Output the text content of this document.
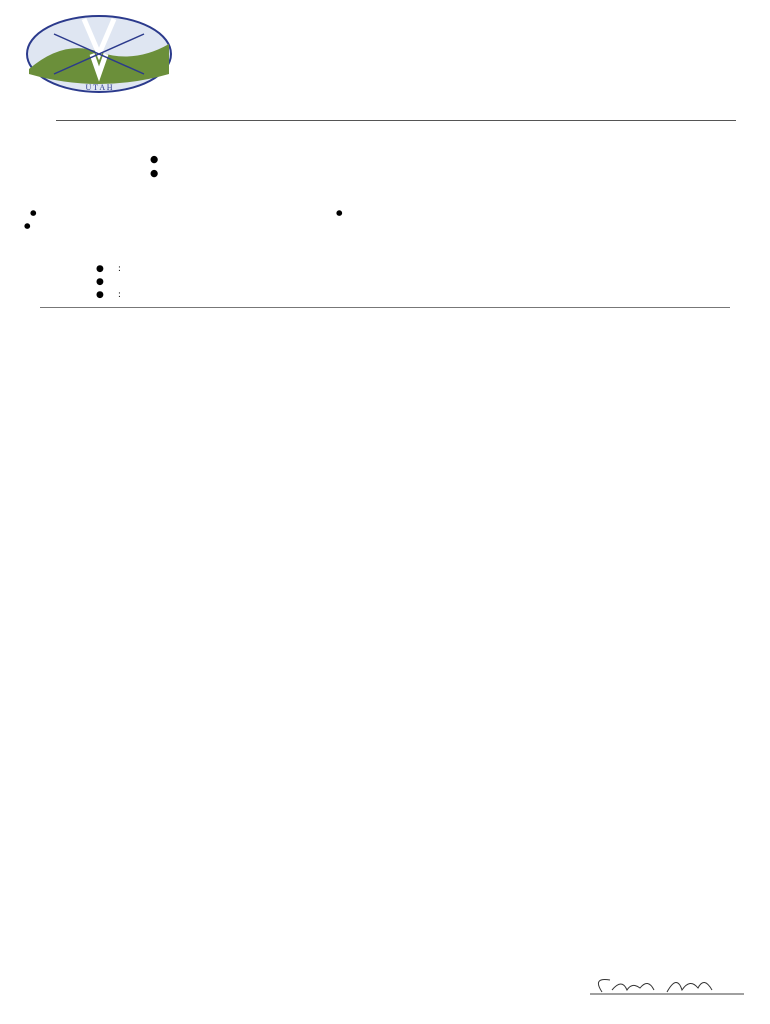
U T A H
●
●
●	●
●
● :
●
● :
